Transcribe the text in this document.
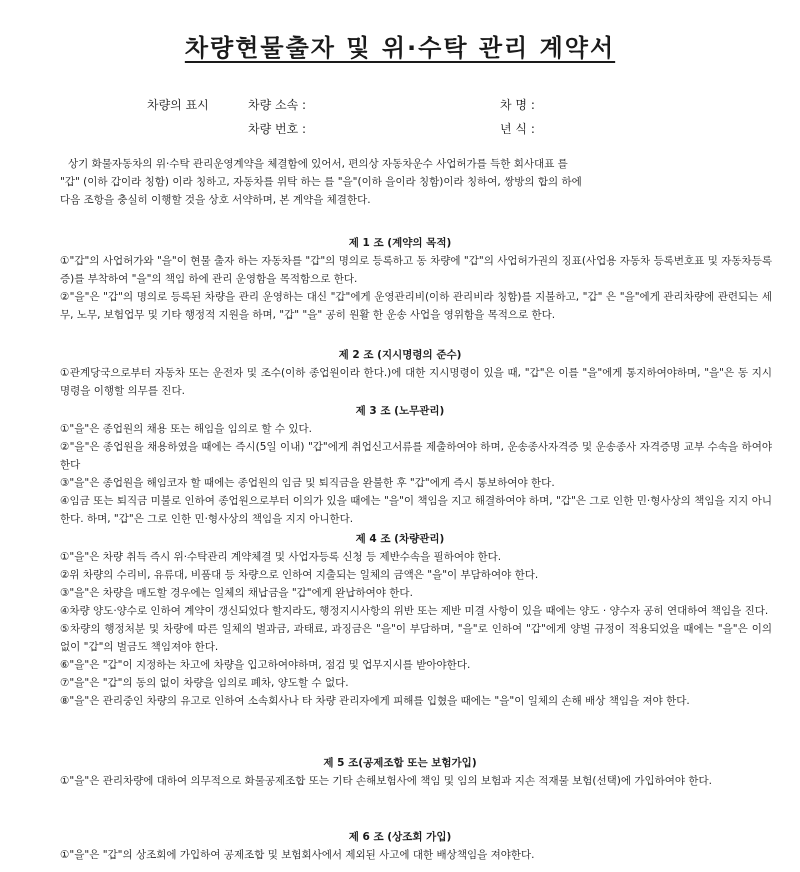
차량현물출자 및 위·수탁 관리 계약서
차량의 표시	차량 소속 :
차량 번호 :
차 명 :
년 식 :

상기 화물자동차의 위·수탁 관리운영계약을 체결함에 있어서, 편의상 자동차운수 사업허가를 득한 회사대표 를

"갑" (이하 갑이라 칭함) 이라 칭하고, 자동차를 위탁 하는 를 "을"(이하 을이라 칭함)이라 칭하여, 쌍방의 합의 하에

다음 조항을 충실히 이행할 것을 상호 서약하며, 본 계약을 체결한다.

제 1 조 (계약의 목적)

①"갑"의 사업허가와 "을"이 현물 출자 하는 자동차를 "갑"의 명의로 등록하고 동 차량에 "갑"의 사업허가권의 징표(사업용 자동차 등록번호표 및 자동차등록증)를 부착하여 "을"의 책임 하에 관리 운영함을 목적함으로 한다.

②"을"은 "갑"의 명의로 등록된 차량을 관리 운영하는 대신 "갑"에게 운영관리비(이하 관리비라 칭함)를 지불하고, "갑" 은 "을"에게 관리차량에 관련되는 세무, 노무, 보험업무 및 기타 행정적 지원을 하며, "갑" "을" 공히 원활 한 운송 사업을 영위함을 목적으로 한다.

제 2 조 (지시명령의 준수)

①관계당국으로부터 자동차 또는 운전자 및 조수(이하 종업원이라 한다.)에 대한 지시명령이 있을 때, "갑"은 이를 "을"에게 통지하여야하며, "을"은 동 지시명령을 이행할 의무를 진다.

제 3 조 (노무관리)

①"을"은 종업원의 채용 또는 해임을 임의로 할 수 있다.

②"을"은 종업원을 채용하였을 때에는 즉시(5일 이내) "갑"에게 취업신고서류를 제출하여야 하며, 운송종사자격증 및 운송종사 자격증명 교부 수속을 하여야한다

③"을"은 종업원을 해임코자 할 때에는 종업원의 임금 및 퇴직금을 완불한 후 "갑"에게 즉시 통보하여야 한다.

④임금 또는 퇴직금 미불로 인하여 종업원으로부터 이의가 있을 때에는 "을"이 책임을 지고 해결하여야 하며, "갑"은 그로 인한 민·형사상의 책임을 지지 아니한다. 하며, "갑"은 그로 인한 민·형사상의 책임을 지지 아니한다.

제 4 조 (차량관리)

①"을"은 차량 취득 즉시 위·수탁관리 계약체결 및 사업자등록 신청 등 제반수속을 필하여야 한다.

②위 차량의 수리비, 유류대, 비품대 등 차량으로 인하여 지출되는 일체의 금액은 "을"이 부담하여야 한다.

③"을"은 차량을 매도할 경우에는 일체의 채납금을 "갑"에게 완납하여야 한다.

④차량 양도·양수로 인하여 계약이 갱신되었다 할지라도, 행정지시사항의 위반 또는 제반 미결 사항이 있을 때에는 양도 · 양수자 공히 연대하여 책임을 진다.

⑤차량의 행정처분 및 차량에 따른 일체의 벌과금, 과태료, 과징금은 "을"이 부담하며, "을"로 인하여 "갑"에게 양벌 규정이 적용되었을 때에는 "을"은 이의 없이 "갑"의 벌금도 책임져야 한다.

⑥"을"은 "갑"이 지정하는 차고에 차량을 입고하여야하며, 점검 및 업무지시를 받아야한다.

⑦"을"은 "갑"의 동의 없이 차량을 임의로 폐차, 양도할 수 없다.

⑧"을"은 관리중인 차량의 유고로 인하여 소속회사나 타 차량 관리자에게 피해를 입혔을 때에는 "을"이 일체의 손해 배상 책임을 져야 한다.

제 5 조(공제조합 또는 보험가입)

①"을"은 관리차량에 대하여 의무적으로 화물공제조합 또는 기타 손해보험사에 책임 및 임의 보험과 지손 적재물 보험(선택)에 가입하여야 한다.

제 6 조 (상조회 가입)

①"을"은 "갑"의 상조회에 가입하여 공제조합 및 보험회사에서 제외된 사고에 대한 배상책임을 져야한다.
